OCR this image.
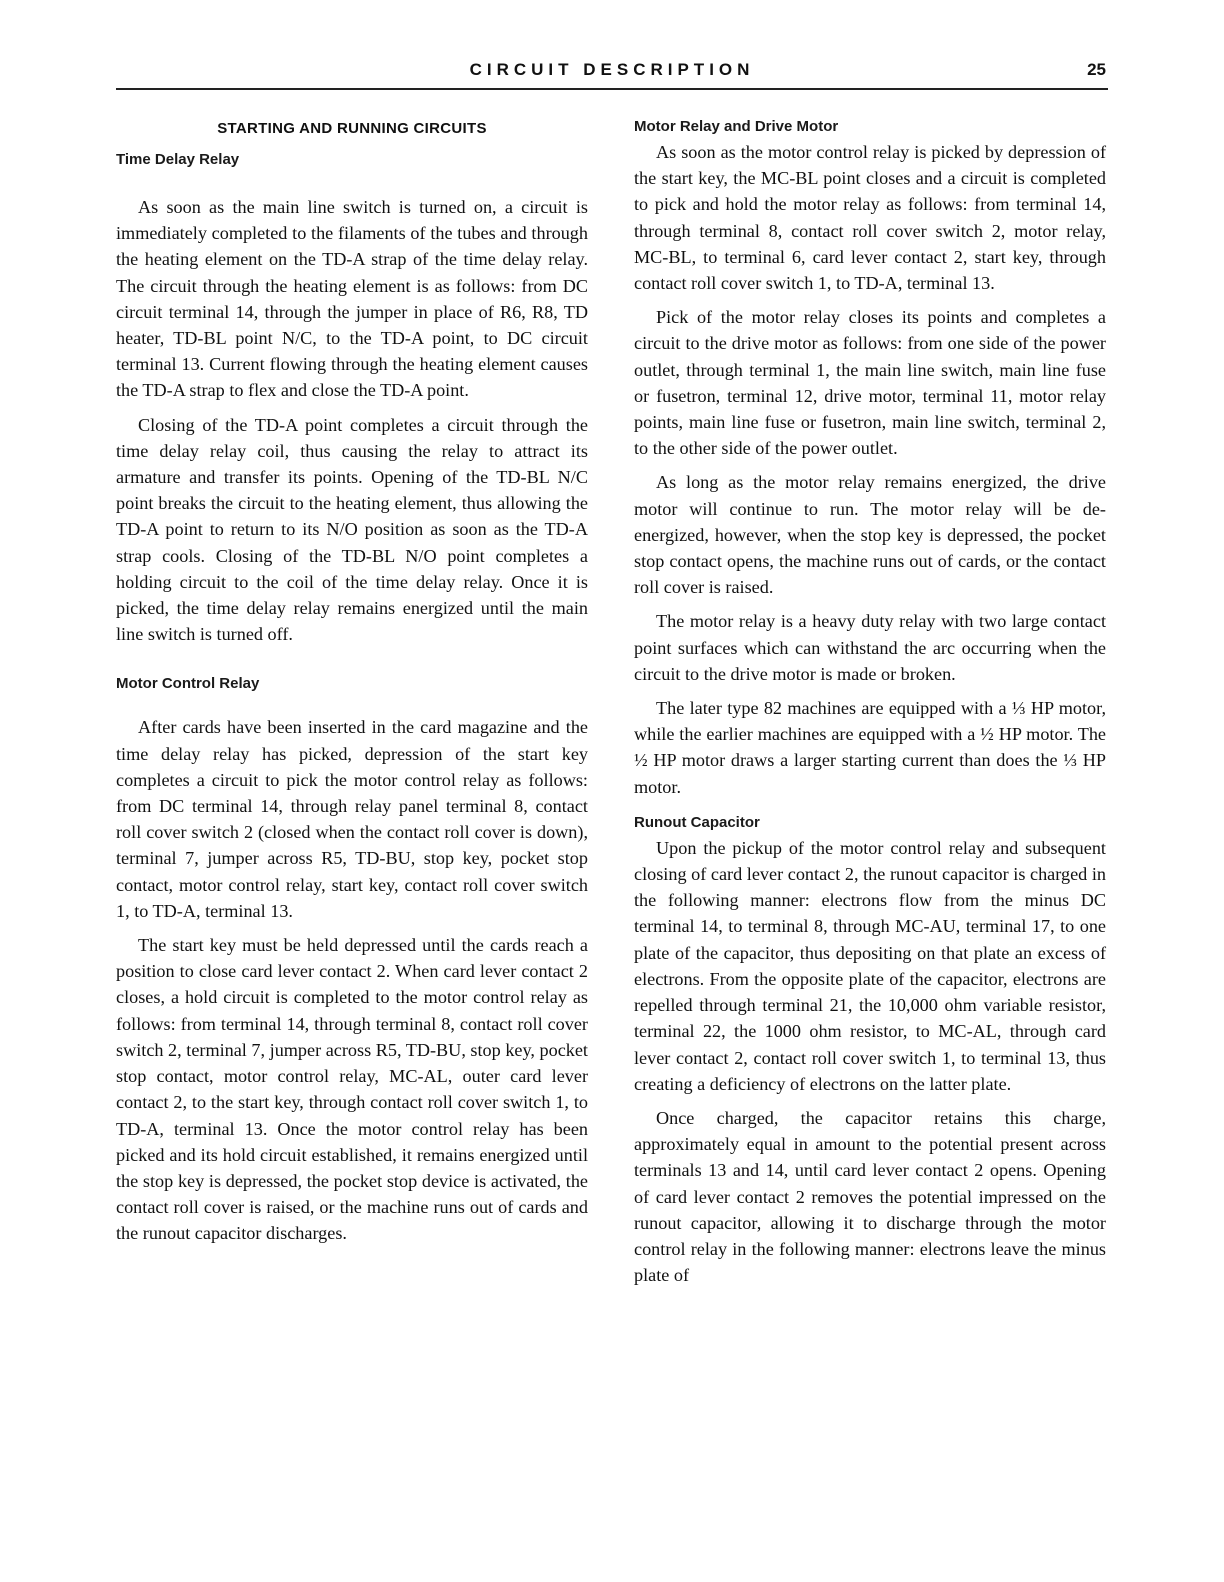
CIRCUIT DESCRIPTION	25
STARTING AND RUNNING CIRCUITS
Time Delay Relay

As soon as the main line switch is turned on, a circuit is immediately completed to the filaments of the tubes and through the heating element on the TD-A strap of the time delay relay. The circuit through the heating element is as follows: from DC circuit terminal 14, through the jumper in place of R6, R8, TD heater, TD-BL point N/C, to the TD-A point, to DC circuit terminal 13. Current flowing through the heating element causes the TD-A strap to flex and close the TD-A point.

Closing of the TD-A point completes a circuit through the time delay relay coil, thus causing the relay to attract its armature and transfer its points. Opening of the TD-BL N/C point breaks the circuit to the heating element, thus allowing the TD-A point to return to its N/O position as soon as the TD-A strap cools. Closing of the TD-BL N/O point completes a holding circuit to the coil of the time delay relay. Once it is picked, the time delay relay remains energized until the main line switch is turned off.

Motor Control Relay

After cards have been inserted in the card magazine and the time delay relay has picked, depression of the start key completes a circuit to pick the motor control relay as follows: from DC terminal 14, through relay panel terminal 8, contact roll cover switch 2 (closed when the contact roll cover is down), terminal 7, jumper across R5, TD-BU, stop key, pocket stop contact, motor control relay, start key, contact roll cover switch 1, to TD-A, terminal 13.

The start key must be held depressed until the cards reach a position to close card lever contact 2. When card lever contact 2 closes, a hold circuit is completed to the motor control relay as follows: from terminal 14, through terminal 8, contact roll cover switch 2, terminal 7, jumper across R5, TD-BU, stop key, pocket stop contact, motor control relay, MC-AL, outer card lever contact 2, to the start key, through contact roll cover switch 1, to TD-A, terminal 13. Once the motor control relay has been picked and its hold circuit established, it remains energized until the stop key is depressed, the pocket stop device is activated, the contact roll cover is raised, or the machine runs out of cards and the runout capacitor discharges.

Motor Relay and Drive Motor

As soon as the motor control relay is picked by depression of the start key, the MC-BL point closes and a circuit is completed to pick and hold the motor relay as follows: from terminal 14, through terminal 8, contact roll cover switch 2, motor relay, MC-BL, to terminal 6, card lever contact 2, start key, through contact roll cover switch 1, to TD-A, terminal 13.

Pick of the motor relay closes its points and completes a circuit to the drive motor as follows: from one side of the power outlet, through terminal 1, the main line switch, main line fuse or fusetron, terminal 12, drive motor, terminal 11, motor relay points, main line fuse or fusetron, main line switch, terminal 2, to the other side of the power outlet.

As long as the motor relay remains energized, the drive motor will continue to run. The motor relay will be de-energized, however, when the stop key is depressed, the pocket stop contact opens, the machine runs out of cards, or the contact roll cover is raised.

The motor relay is a heavy duty relay with two large contact point surfaces which can withstand the arc occurring when the circuit to the drive motor is made or broken.

The later type 82 machines are equipped with a ⅓ HP motor, while the earlier machines are equipped with a ½ HP motor. The ½ HP motor draws a larger starting current than does the ⅓ HP motor.

Runout Capacitor

Upon the pickup of the motor control relay and subsequent closing of card lever contact 2, the runout capacitor is charged in the following manner: electrons flow from the minus DC terminal 14, to terminal 8, through MC-AU, terminal 17, to one plate of the capacitor, thus depositing on that plate an excess of electrons. From the opposite plate of the capacitor, electrons are repelled through terminal 21, the 10,000 ohm variable resistor, terminal 22, the 1000 ohm resistor, to MC-AL, through card lever contact 2, contact roll cover switch 1, to terminal 13, thus creating a deficiency of electrons on the latter plate.

Once charged, the capacitor retains this charge, approximately equal in amount to the potential present across terminals 13 and 14, until card lever contact 2 opens. Opening of card lever contact 2 removes the potential impressed on the runout capacitor, allowing it to discharge through the motor control relay in the following manner: electrons leave the minus plate of
